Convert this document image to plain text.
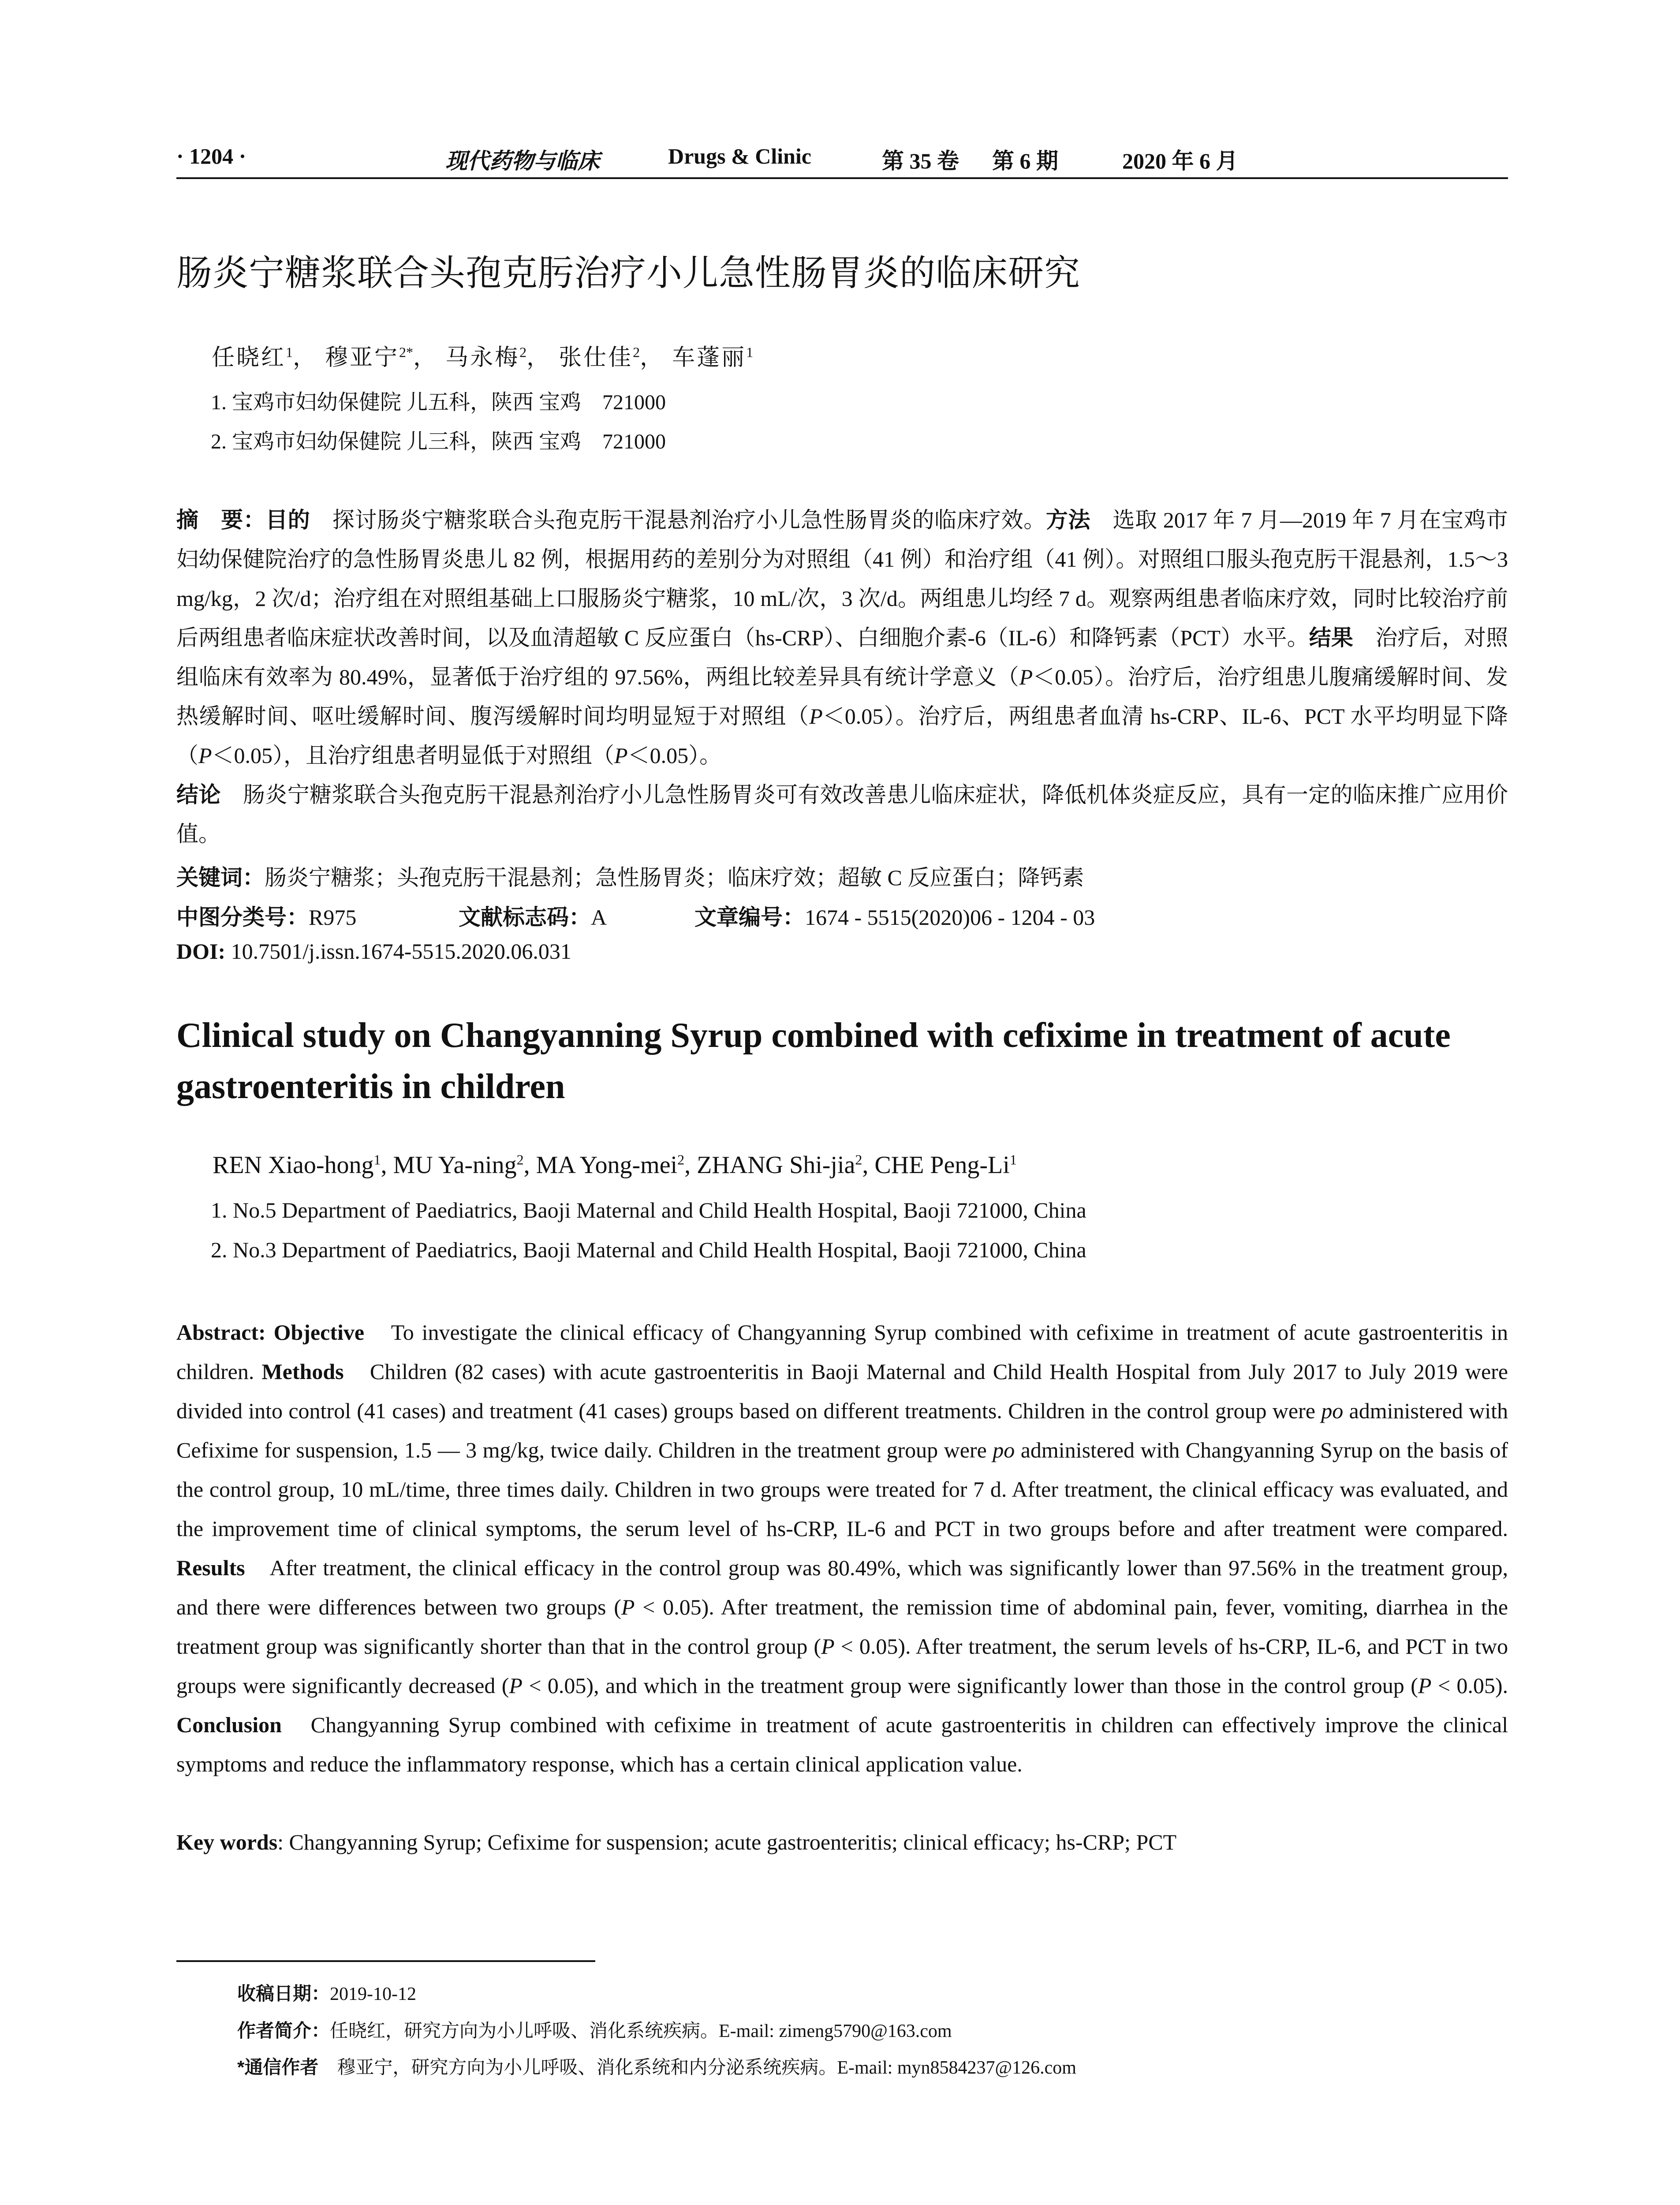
· 1204 ·	现代药物与临床	Drugs & Clinic	第 35 卷 第 6 期	2020 年 6 月
肠炎宁糖浆联合头孢克肟治疗小儿急性肠胃炎的临床研究
任晓红$^1$， 穆亚宁$^{2*}$， 马永梅$^2$， 张仕佳$^2$， 车蓬丽$^1$
1. 宝鸡市妇幼保健院 儿五科，陕西 宝鸡　721000
2. 宝鸡市妇幼保健院 儿三科，陕西 宝鸡　721000
摘　要：目的　探讨肠炎宁糖浆联合头孢克肟干混悬剂治疗小儿急性肠胃炎的临床疗效。方法　选取 2017 年 7 月—2019 年 7 月在宝鸡市妇幼保健院治疗的急性肠胃炎患儿 82 例，根据用药的差别分为对照组（41 例）和治疗组（41 例）。对照组口服头孢克肟干混悬剂，1.5～3 mg/kg，2 次/d；治疗组在对照组基础上口服肠炎宁糖浆，10 mL/次，3 次/d。两组患儿均经 7 d。观察两组患者临床疗效，同时比较治疗前后两组患者临床症状改善时间，以及血清超敏 C 反应蛋白（hs-CRP）、白细胞介素-6（IL-6）和降钙素（PCT）水平。结果　治疗后，对照组临床有效率为 80.49%，显著低于治疗组的 97.56%，两组比较差异具有统计学意义（P＜0.05）。治疗后，治疗组患儿腹痛缓解时间、发热缓解时间、呕吐缓解时间、腹泻缓解时间均明显短于对照组（P＜0.05）。治疗后，两组患者血清 hs-CRP、IL-6、PCT 水平均明显下降（P＜0.05），且治疗组患者明显低于对照组（P＜0.05）。
结论　肠炎宁糖浆联合头孢克肟干混悬剂治疗小儿急性肠胃炎可有效改善患儿临床症状，降低机体炎症反应，具有一定的临床推广应用价值。
关键词：肠炎宁糖浆；头孢克肟干混悬剂；急性肠胃炎；临床疗效；超敏 C 反应蛋白；降钙素
中图分类号：R975	文献标志码：A	文章编号：1674 - 5515(2020)06 - 1204 - 03
DOI: 10.7501/j.issn.1674-5515.2020.06.031
Clinical study on Changyanning Syrup combined with cefixime in treatment of acute gastroenteritis in children
REN Xiao-hong$^1$, MU Ya-ning$^2$, MA Yong-mei$^2$, ZHANG Shi-jia$^2$, CHE Peng-Li$^1$
1. No.5 Department of Paediatrics, Baoji Maternal and Child Health Hospital, Baoji 721000, China
2. No.3 Department of Paediatrics, Baoji Maternal and Child Health Hospital, Baoji 721000, China
Abstract: Objective　To investigate the clinical efficacy of Changyanning Syrup combined with cefixime in treatment of acute gastroenteritis in children. Methods　Children (82 cases) with acute gastroenteritis in Baoji Maternal and Child Health Hospital from July 2017 to July 2019 were divided into control (41 cases) and treatment (41 cases) groups based on different treatments. Children in the control group were po administered with Cefixime for suspension, 1.5 — 3 mg/kg, twice daily. Children in the treatment group were po administered with Changyanning Syrup on the basis of the control group, 10 mL/time, three times daily. Children in two groups were treated for 7 d. After treatment, the clinical efficacy was evaluated, and the improvement time of clinical symptoms, the serum level of hs-CRP, IL-6 and PCT in two groups before and after treatment were compared. Results　After treatment, the clinical efficacy in the control group was 80.49%, which was significantly lower than 97.56% in the treatment group, and there were differences between two groups (P < 0.05). After treatment, the remission time of abdominal pain, fever, vomiting, diarrhea in the treatment group was significantly shorter than that in the control group (P < 0.05). After treatment, the serum levels of hs-CRP, IL-6, and PCT in two groups were significantly decreased (P < 0.05), and which in the treatment group were significantly lower than those in the control group (P < 0.05). Conclusion　Changyanning Syrup combined with cefixime in treatment of acute gastroenteritis in children can effectively improve the clinical symptoms and reduce the inflammatory response, which has a certain clinical application value.
Key words: Changyanning Syrup; Cefixime for suspension; acute gastroenteritis; clinical efficacy; hs-CRP; PCT
收稿日期：2019-10-12
作者简介：任晓红，研究方向为小儿呼吸、消化系统疾病。E-mail: zimeng5790@163.com
*通信作者　穆亚宁，研究方向为小儿呼吸、消化系统和内分泌系统疾病。E-mail: myn8584237@126.com
